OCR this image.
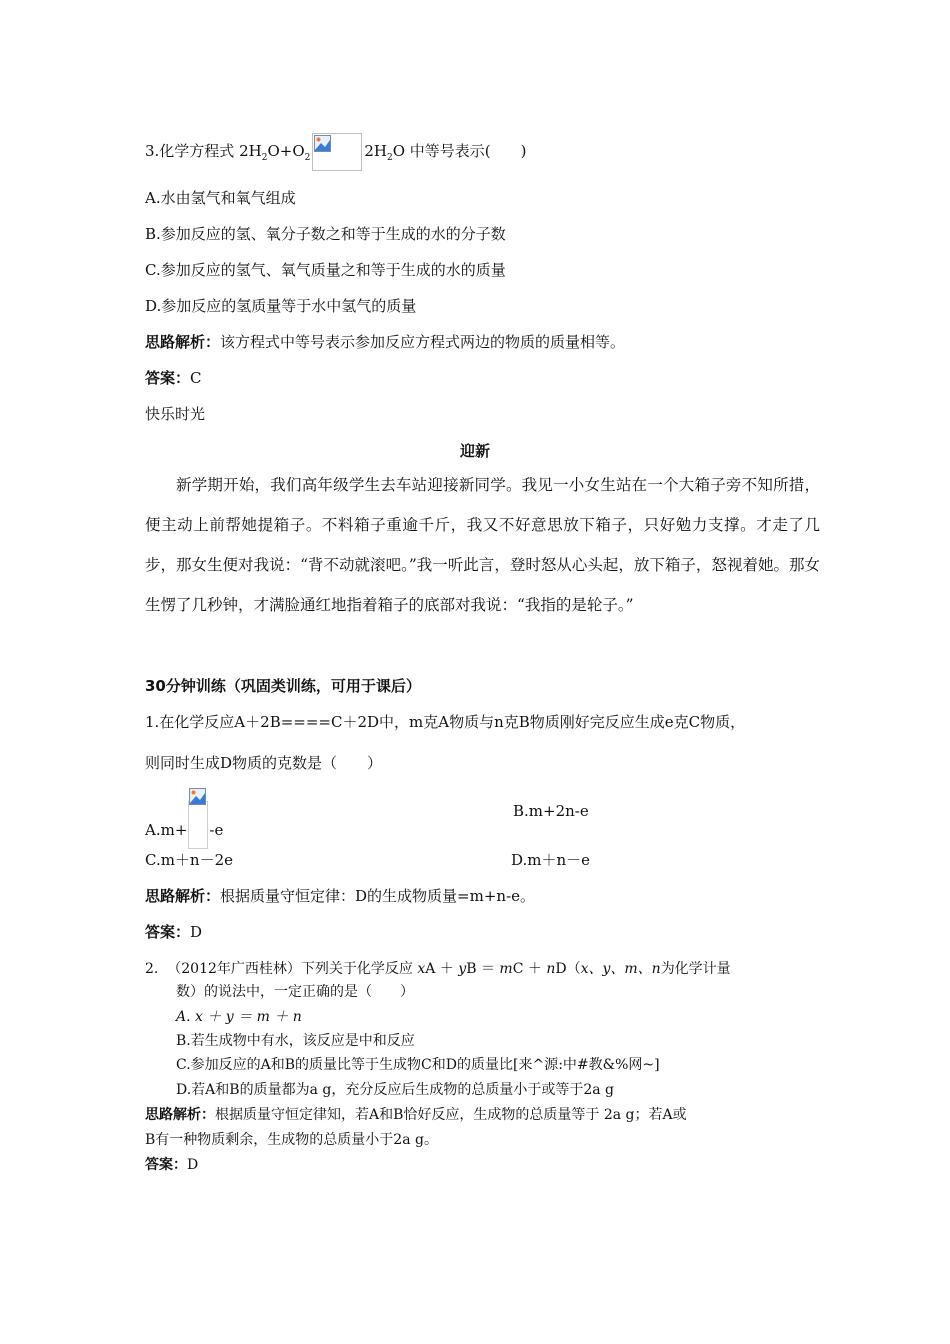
3.化学方程式 $2H_2O+O_2$	$2H_2O$ 中等号表示(　　)
A.水由氢气和氧气组成
B.参加反应的氢、氧分子数之和等于生成的水的分子数
C.参加反应的氢气、氧气质量之和等于生成的水的质量
D.参加反应的氢质量等于水中氢气的质量
思路解析：该方程式中等号表示参加反应方程式两边的物质的质量相等。
答案：C
快乐时光
迎新
新学期开始，我们高年级学生去车站迎接新同学。我见一小女生站在一个大箱子旁不知所措，便主动上前帮她提箱子。不料箱子重逾千斤，我又不好意思放下箱子，只好勉力支撑。才走了几步，那女生便对我说：“背不动就滚吧。”我一听此言，登时怒从心头起，放下箱子，怒视着她。那女生愣了几秒钟，才满脸通红地指着箱子的底部对我说：“我指的是轮子。”
30分钟训练（巩固类训练，可用于课后）
1.在化学反应A＋2B====C＋2D中，m克A物质与n克B物质刚好完反应生成e克C物质，
则同时生成D物质的克数是（　　）
A.m+ -e
B.m+2n-e
C.m＋n－2e	D.m＋n－e
思路解析：根据质量守恒定律：D的生成物质量=m+n-e。
答案：D
2. （2012年广西桂林）下列关于化学反应 xA ＋ yB ＝ mC ＋ nD（x、y、m、n为化学计量
数）的说法中，一定正确的是（　　）
A. x ＋ y ＝ m ＋ n
B.若生成物中有水，该反应是中和反应
C.参加反应的A和B的质量比等于生成物C和D的质量比[来^源:中#教&%网~]
D.若A和B的质量都为a g，充分反应后生成物的总质量小于或等于2a g
思路解析：根据质量守恒定律知，若A和B恰好反应，生成物的总质量等于 2a g；若A或
B有一种物质剩余，生成物的总质量小于2a g。
答案：D
